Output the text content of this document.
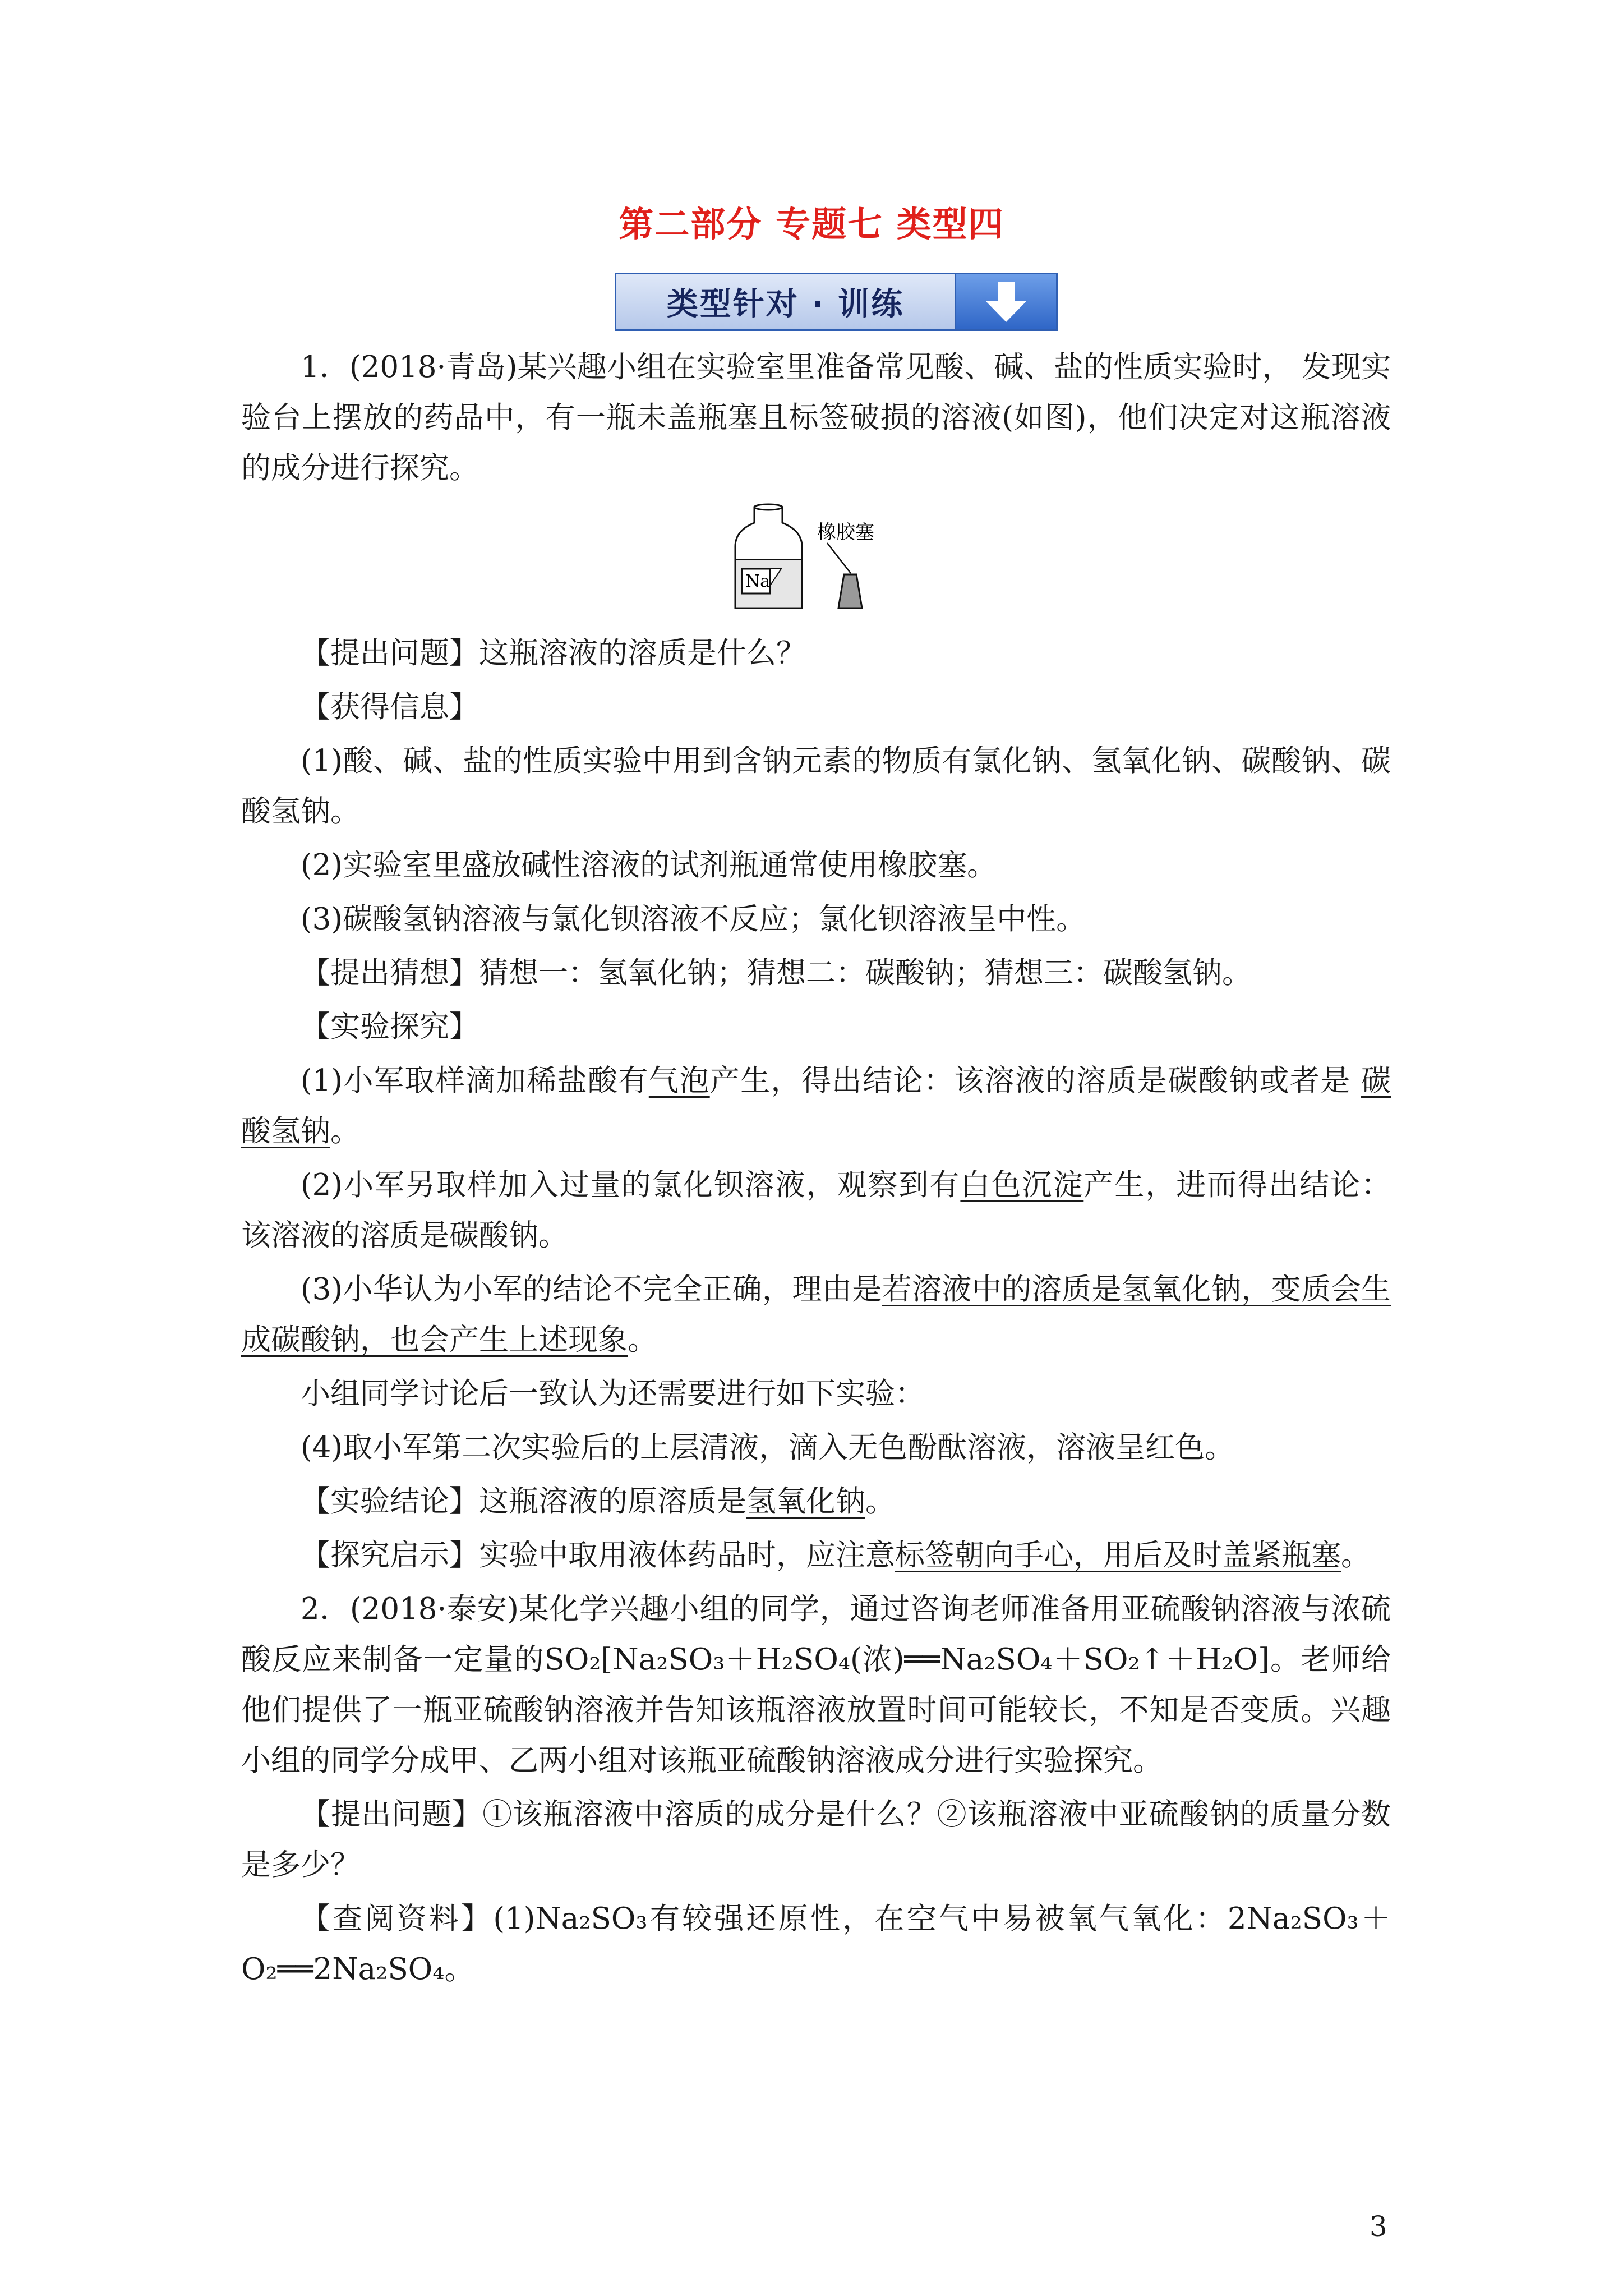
第二部分 专题七 类型四
类型针对 · 训练

1．(2018·青岛)某兴趣小组在实验室里准备常见酸、碱、盐的性质实验时， 发现实验台上摆放的药品中，有一瓶未盖瓶塞且标签破损的溶液(如图)，他们决定对这瓶溶液的成分进行探究。

Na
橡胶塞

【提出问题】这瓶溶液的溶质是什么？

【获得信息】

(1)酸、碱、盐的性质实验中用到含钠元素的物质有氯化钠、氢氧化钠、碳酸钠、碳酸氢钠。

(2)实验室里盛放碱性溶液的试剂瓶通常使用橡胶塞。

(3)碳酸氢钠溶液与氯化钡溶液不反应；氯化钡溶液呈中性。

【提出猜想】猜想一：氢氧化钠；猜想二：碳酸钠；猜想三：碳酸氢钠。

【实验探究】

(1)小军取样滴加稀盐酸有气泡产生，得出结论：该溶液的溶质是碳酸钠或者是 碳酸氢钠。

(2)小军另取样加入过量的氯化钡溶液，观察到有白色沉淀产生，进而得出结论： 该溶液的溶质是碳酸钠。

(3)小华认为小军的结论不完全正确，理由是若溶液中的溶质是氢氧化钠，变质会生成碳酸钠，也会产生上述现象。

小组同学讨论后一致认为还需要进行如下实验：

(4)取小军第二次实验后的上层清液，滴入无色酚酞溶液，溶液呈红色。

【实验结论】这瓶溶液的原溶质是氢氧化钠。

【探究启示】实验中取用液体药品时，应注意标签朝向手心，用后及时盖紧瓶塞。

2．(2018·泰安)某化学兴趣小组的同学，通过咨询老师准备用亚硫酸钠溶液与浓硫酸反应来制备一定量的SO₂[Na₂SO₃＋H₂SO₄(浓)══Na₂SO₄＋SO₂↑＋H₂O]。老师给他们提供了一瓶亚硫酸钠溶液并告知该瓶溶液放置时间可能较长，不知是否变质。兴趣小组的同学分成甲、乙两小组对该瓶亚硫酸钠溶液成分进行实验探究。

【提出问题】①该瓶溶液中溶质的成分是什么？②该瓶溶液中亚硫酸钠的质量分数是多少？

【查阅资料】(1)Na₂SO₃有较强还原性，在空气中易被氧气氧化：2Na₂SO₃＋O₂══2Na₂SO₄。

3
